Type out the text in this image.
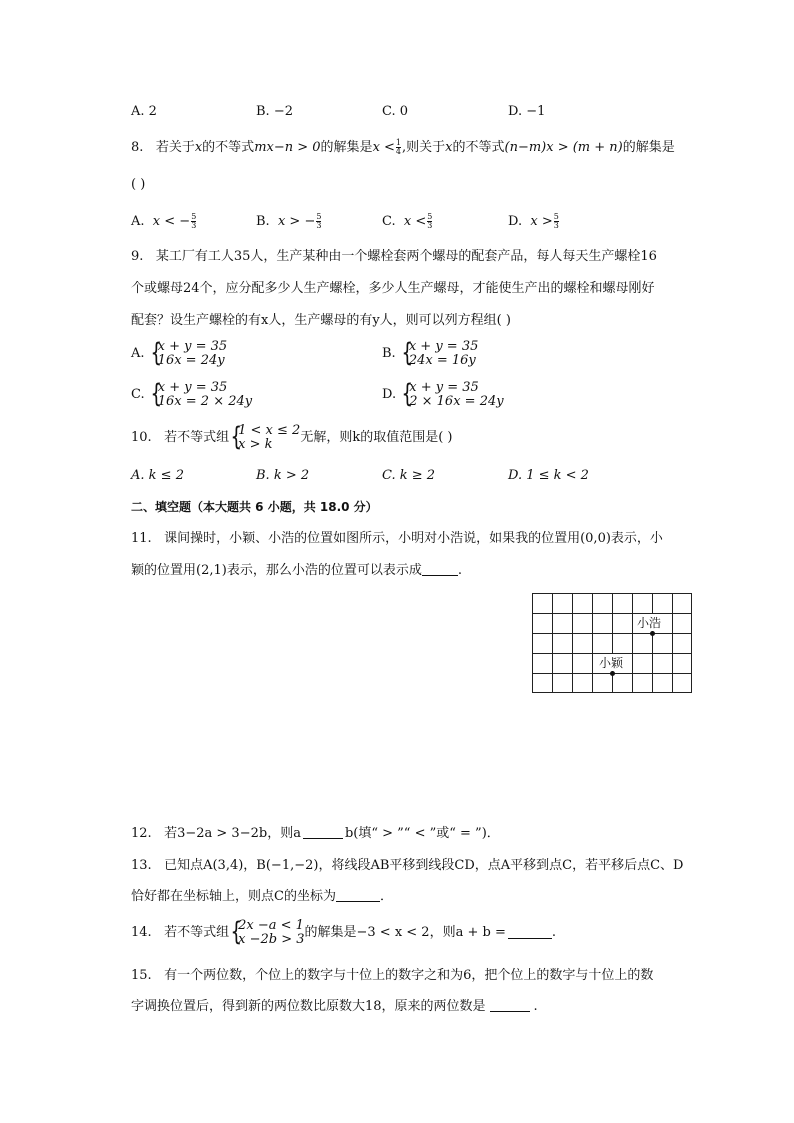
A. 2	B. −2	C. 0	D. −1
8. 若关于x的不等式mx−n > 0的解集是$x < \frac{1}{4}$ ,则关于x的不等式(n−m)x > (m + n)的解集是
( )
A. x < − $\frac{5}{3}$	B. x > − $\frac{5}{3}$	C. $x < \frac{5}{3}$	D. $x > \frac{5}{3}$
9. 某工厂有工人35人，生产某种由一个螺栓套两个螺母的配套产品，每人每天生产螺栓16
个或螺母24个，应分配多少人生产螺栓，多少人生产螺母，才能使生产出的螺栓和螺母刚好
配套？设生产螺栓的有x人，生产螺母的有y人，则可以列方程组( )
A. { x + y = 35
16x = 24y	B. { x + y = 35
24x = 16y
C. { x + y = 35
16x = 2 × 24y	D. { x + y = 35
2 × 16x = 24y
10. 若不等式组 { 1 < x ≤ 2
x > k	无解，则k的取值范围是( )
A. k ≤ 2	B. k > 2	C. k ≥ 2	D. 1 ≤ k < 2
二、填空题（本大题共 6 小题，共 18.0 分）
11. 课间操时，小颖、小浩的位置如图所示，小明对小浩说，如果我的位置用(0,0)表示，小
颖的位置用(2,1)表示，那么小浩的位置可以表示成	.
小浩
小颖
12. 若3−2a > 3−2b，则a	b(填“ > ”“ < ”或“ = ”)．
13. 已知点A(3,4)，B(−1,−2)，将线段AB平移到线段CD，点A平移到点C，若平移后点C、D
恰好都在坐标轴上，则点C的坐标为	．
14. 若不等式组 { 2x −a < 1
x −2b > 3 的解集是−3 < x < 2，则a + b =	.
15. 有一个两位数，个位上的数字与十位上的数字之和为6，把个位上的数字与十位上的数
字调换位置后，得到新的两位数比原数大18，原来的两位数是	.
